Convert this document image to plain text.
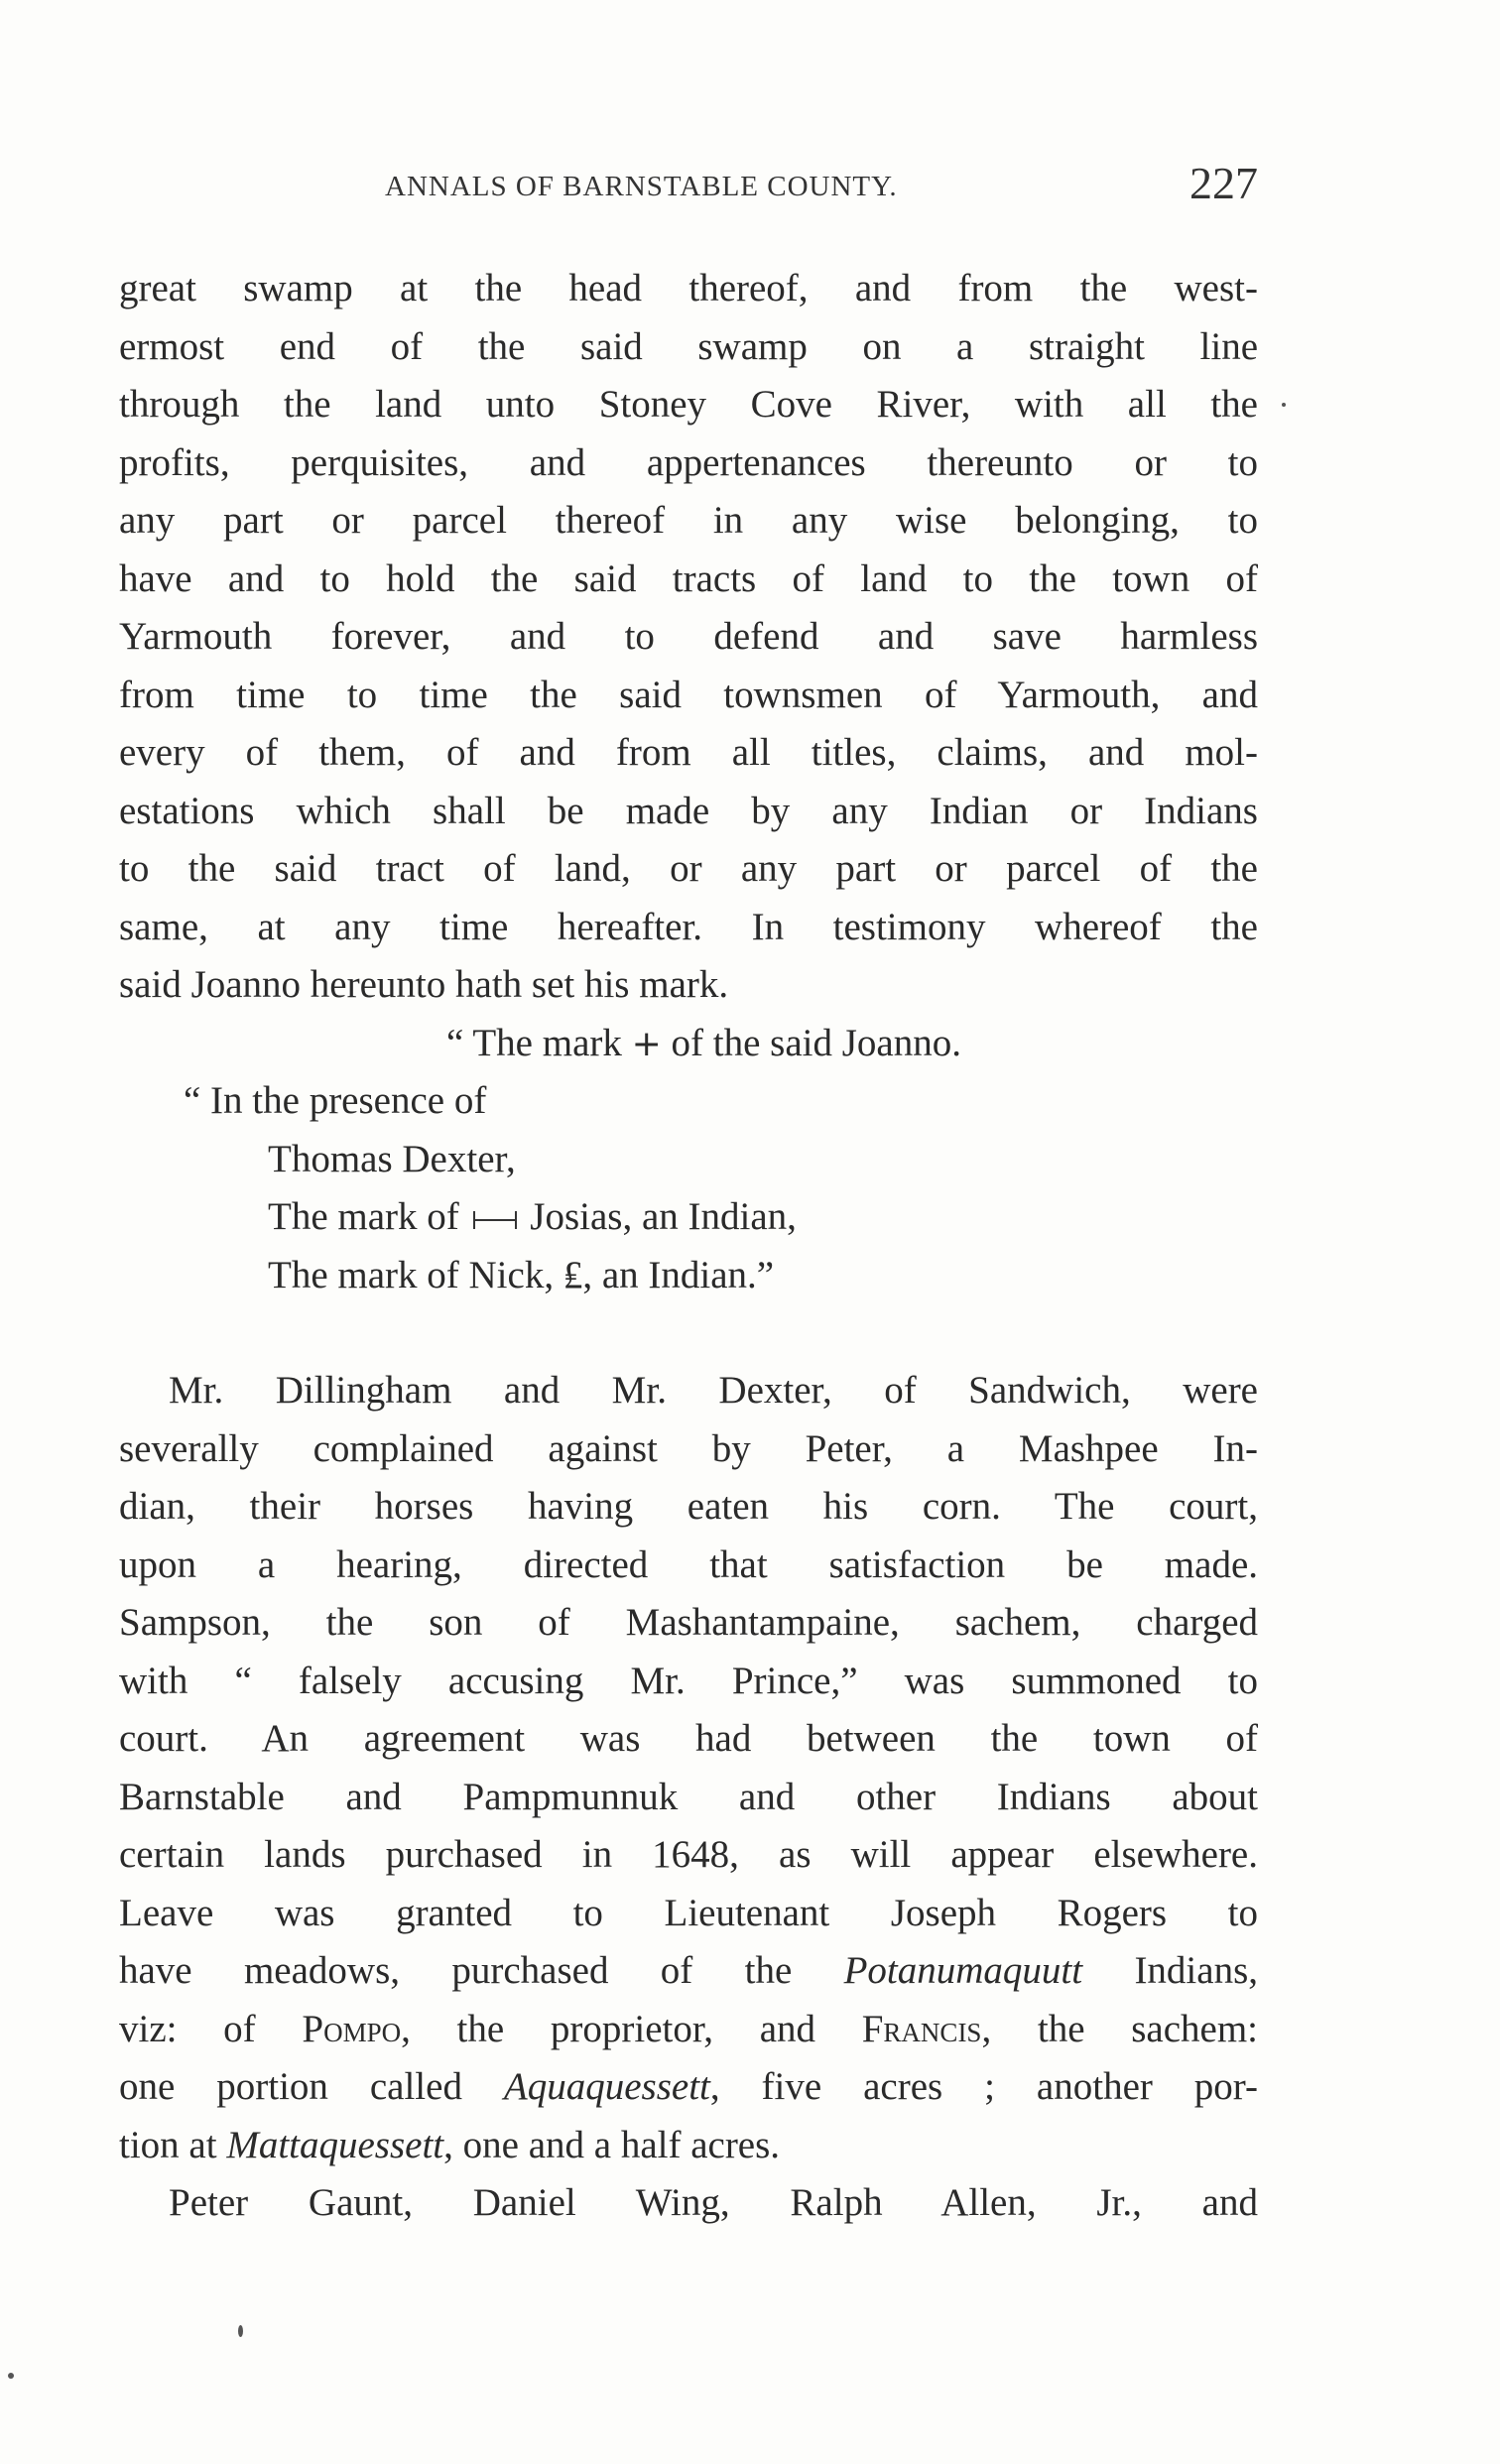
ANNALS OF BARNSTABLE COUNTY.	227
great swamp at the head thereof, and from the west-
ermost end of the said swamp on a straight line
through the land unto Stoney Cove River, with all the
profits, perquisites, and appertenances thereunto or to
any part or parcel thereof in any wise belonging, to
have and to hold the said tracts of land to the town of
Yarmouth forever, and to defend and save harmless
from time to time the said townsmen of Yarmouth, and
every of them, of and from all titles, claims, and mol-
estations which shall be made by any Indian or Indians
to the said tract of land, or any part or parcel of the
same, at any time hereafter. In testimony whereof the
said Joanno hereunto hath set his mark.
“ The mark + of the said Joanno.
“ In the presence of
Thomas Dexter,
The mark of Josias, an Indian,
The mark of Nick, ₤, an Indian.”
Mr. Dillingham and Mr. Dexter, of Sandwich, were
severally complained against by Peter, a Mashpee In-
dian, their horses having eaten his corn. The court,
upon a hearing, directed that satisfaction be made.
Sampson, the son of Mashantampaine, sachem, charged
with “ falsely accusing Mr. Prince,” was summoned to
court. An agreement was had between the town of
Barnstable and Pampmunnuk and other Indians about
certain lands purchased in 1648, as will appear elsewhere.
Leave was granted to Lieutenant Joseph Rogers to
have meadows, purchased of the Potanumaquutt Indians,
viz: of Pompo, the proprietor, and Francis, the sachem:
one portion called Aquaquessett, five acres ; another por-
tion at Mattaquessett, one and a half acres.
Peter Gaunt, Daniel Wing, Ralph Allen, Jr., and
